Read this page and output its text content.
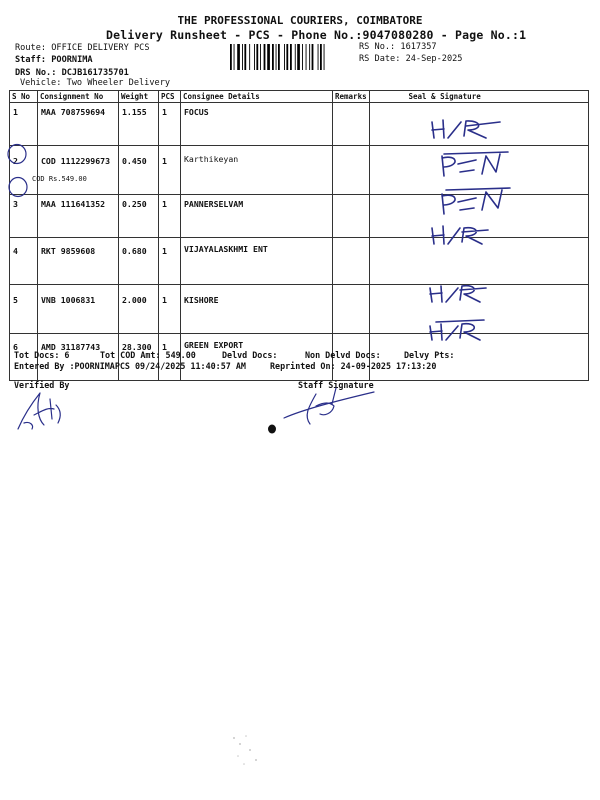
THE PROFESSIONAL COURIERS, COIMBATORE
Delivery Runsheet - PCS - Phone No.:9047080280 - Page No.:1
Route: OFFICE DELIVERY PCS
Staff: POORNIMA
DRS No.: DCJB161735701
Vehicle: Two Wheeler Delivery
RS No.: 1617357
RS Date: 24-Sep-2025
S No	Consignment No	Weight	PCS	Consignee Details	Remarks	Seal & Signature
1	MAA 708759694	1.155	1	FOCUS		
2	COD 1112299673
COD Rs.549.00	0.450	1	Karthikeyan		
3	MAA 111641352	0.250	1	PANNERSELVAM		
4	RKT 9859608	0.680	1	VIJAYALASKHMI ENT		
5	VNB 1006831	2.000	1	KISHORE		
6	AMD 31187743	28.300	1	GREEN EXPORT		
Tot Docs: 6	Tot COD Amt: 549.00	Delvd Docs:	Non Delvd Docs:	Delvy Pts:
Entered By :POORNIMAPCS 09/24/2025 11:40:57 AM	Reprinted On: 24-09-2025 17:13:20
Verified By	Staff Signature
